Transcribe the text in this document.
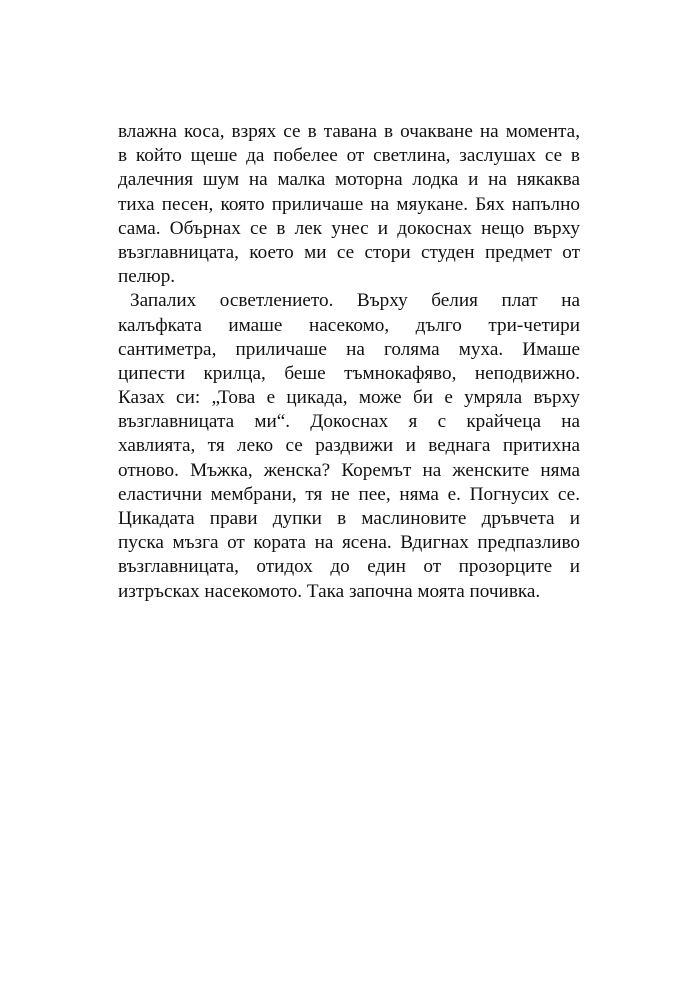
влажна коса, взрях се в тавана в очакване на момента,
в който щеше да побелее от светлина, заслушах се в
далечния шум на малка моторна лодка и на някаква
тиха песен, която приличаше на мяукане. Бях напълно
сама. Обърнах се в лек унес и докоснах нещо върху
възглавницата, което ми се стори студен предмет от
пелюр.
Запалих осветлението. Върху белия плат на
калъфката имаше насекомо, дълго три-четири
сантиметра, приличаше на голяма муха. Имаше
ципести крилца, беше тъмнокафяво, неподвижно.
Казах си: „Това е цикада, може би е умряла върху
възглавницата ми“. Докоснах я с крайчеца на
хавлията, тя леко се раздвижи и веднага притихна
отново. Мъжка, женска? Коремът на женските няма
еластични мембрани, тя не пее, няма е. Погнусих се.
Цикадата прави дупки в маслиновите дръвчета и
пуска мъзга от кората на ясена. Вдигнах предпазливо
възглавницата, отидох до един от прозорците и
изтръсках насекомото. Така започна моята почивка.
